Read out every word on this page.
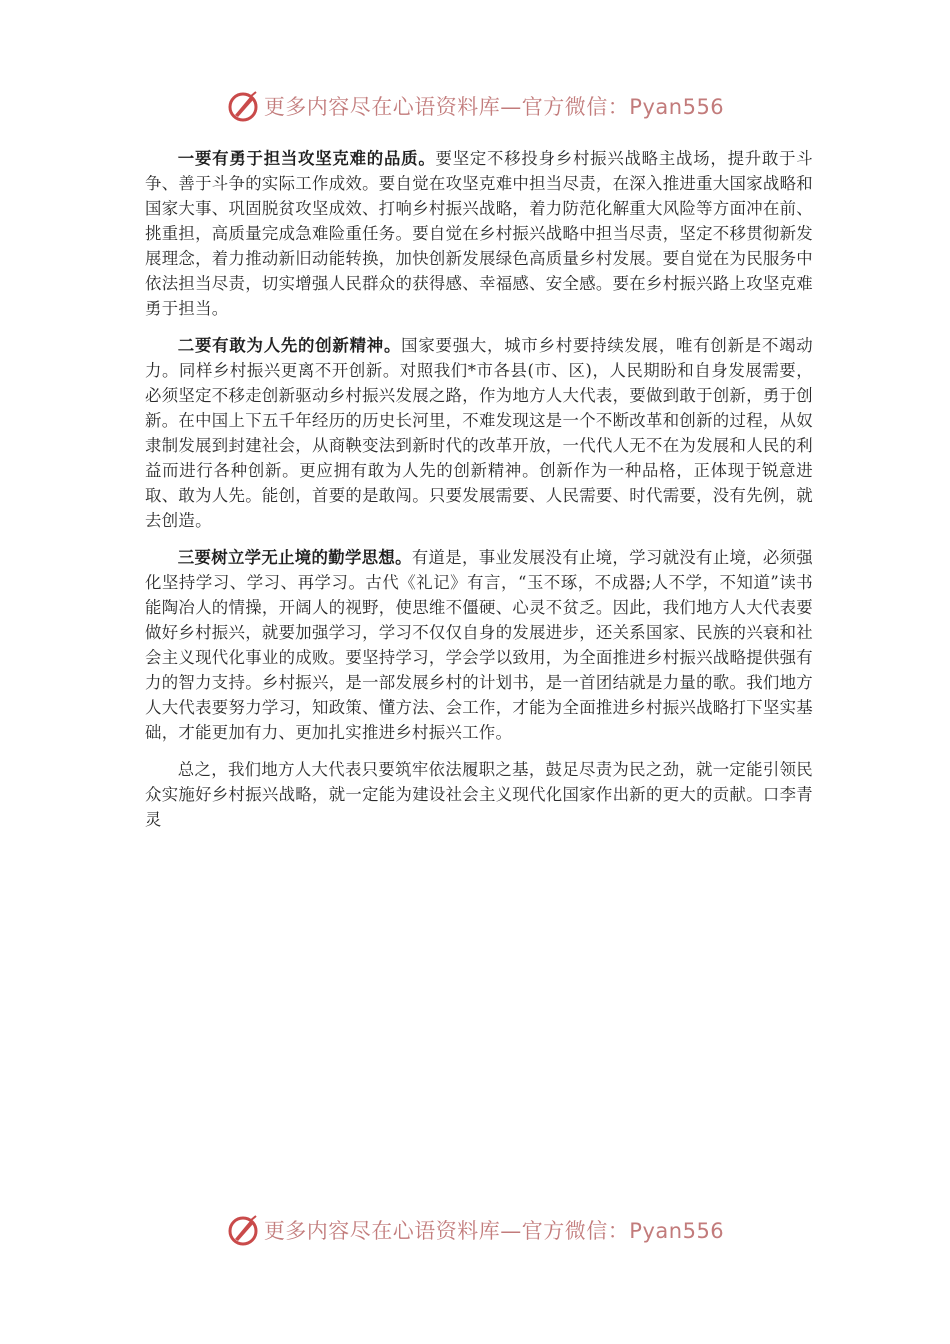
更多内容尽在心语资料库—官方微信：Pyan556

一要有勇于担当攻坚克难的品质。要坚定不移投身乡村振兴战略主战场，提升敢于斗争、善于斗争的实际工作成效。要自觉在攻坚克难中担当尽责，在深入推进重大国家战略和国家大事、巩固脱贫攻坚成效、打响乡村振兴战略，着力防范化解重大风险等方面冲在前、挑重担，高质量完成急难险重任务。要自觉在乡村振兴战略中担当尽责，坚定不移贯彻新发展理念，着力推动新旧动能转换，加快创新发展绿色高质量乡村发展。要自觉在为民服务中依法担当尽责，切实增强人民群众的获得感、幸福感、安全感。要在乡村振兴路上攻坚克难勇于担当。

二要有敢为人先的创新精神。国家要强大，城市乡村要持续发展，唯有创新是不竭动力。同样乡村振兴更离不开创新。对照我们*市各县(市、区)，人民期盼和自身发展需要，必须坚定不移走创新驱动乡村振兴发展之路，作为地方人大代表，要做到敢于创新，勇于创新。在中国上下五千年经历的历史长河里，不难发现这是一个不断改革和创新的过程，从奴隶制发展到封建社会，从商鞅变法到新时代的改革开放，一代代人无不在为发展和人民的利益而进行各种创新。更应拥有敢为人先的创新精神。创新作为一种品格，正体现于锐意进取、敢为人先。能创，首要的是敢闯。只要发展需要、人民需要、时代需要，没有先例，就去创造。

三要树立学无止境的勤学思想。有道是，事业发展没有止境，学习就没有止境，必须强化坚持学习、学习、再学习。古代《礼记》有言，“玉不琢，不成器;人不学，不知道”读书能陶冶人的情操，开阔人的视野，使思维不僵硬、心灵不贫乏。因此，我们地方人大代表要做好乡村振兴，就要加强学习，学习不仅仅自身的发展进步，还关系国家、民族的兴衰和社会主义现代化事业的成败。要坚持学习，学会学以致用，为全面推进乡村振兴战略提供强有力的智力支持。乡村振兴，是一部发展乡村的计划书，是一首团结就是力量的歌。我们地方人大代表要努力学习，知政策、懂方法、会工作，才能为全面推进乡村振兴战略打下坚实基础，才能更加有力、更加扎实推进乡村振兴工作。

总之，我们地方人大代表只要筑牢依法履职之基，鼓足尽责为民之劲，就一定能引领民众实施好乡村振兴战略，就一定能为建设社会主义现代化国家作出新的更大的贡献。口李青灵

更多内容尽在心语资料库—官方微信：Pyan556
